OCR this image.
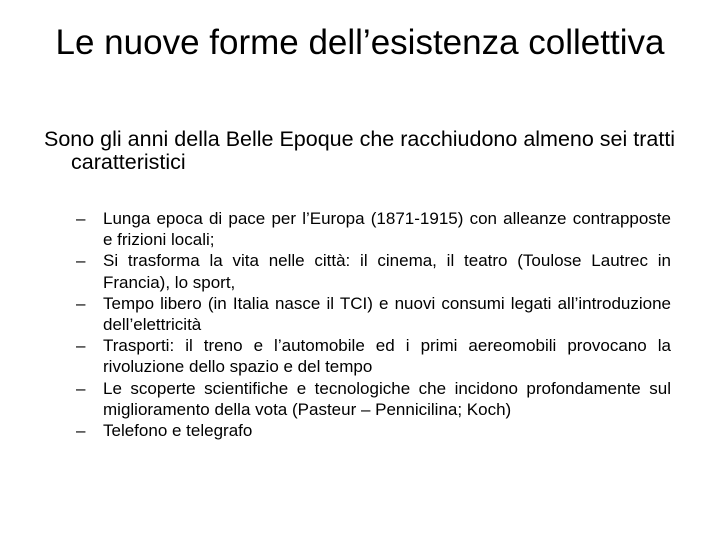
Le nuove forme dell’esistenza collettiva
Sono gli anni della Belle Epoque che racchiudono almeno sei tratti caratteristici
– Lunga epoca di pace per l’Europa (1871-1915) con alleanze contrapposte e frizioni locali;
– Si trasforma la vita nelle città: il cinema, il teatro (Toulose Lautrec in Francia), lo sport,
– Tempo libero (in Italia nasce il TCI) e nuovi consumi legati all’introduzione dell’elettricità
– Trasporti: il treno e l’automobile ed i primi aereomobili provocano la rivoluzione dello spazio e del tempo
– Le scoperte scientifiche e tecnologiche che incidono profondamente sul miglioramento della vota (Pasteur – Pennicilina; Koch)
– Telefono e telegrafo
